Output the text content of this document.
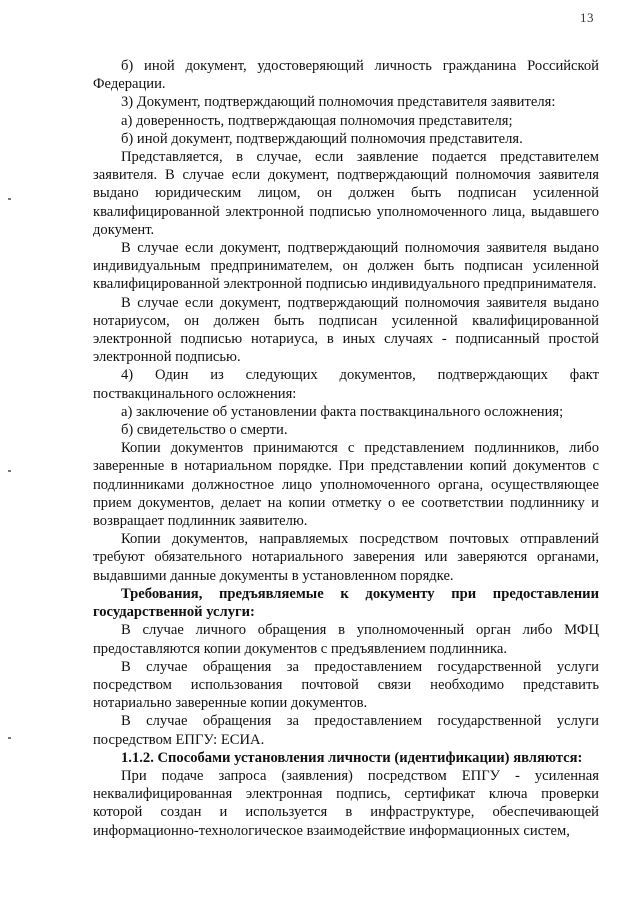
13

б) иной документ, удостоверяющий личность гражданина Российской Федерации.

3) Документ, подтверждающий полномочия представителя заявителя:

а) доверенность, подтверждающая полномочия представителя;

б) иной документ, подтверждающий полномочия представителя.

Представляется, в случае, если заявление подается представителем заявителя. В случае если документ, подтверждающий полномочия заявителя выдано юридическим лицом, он должен быть подписан усиленной квалифицированной электронной подписью уполномоченного лица, выдавшего документ.

В случае если документ, подтверждающий полномочия заявителя выдано индивидуальным предпринимателем, он должен быть подписан усиленной квалифицированной электронной подписью индивидуального предпринимателя.

В случае если документ, подтверждающий полномочия заявителя выдано нотариусом, он должен быть подписан усиленной квалифицированной электронной подписью нотариуса, в иных случаях - подписанный простой электронной подписью.

4) Один из следующих документов, подтверждающих факт поствакцинального осложнения:

а) заключение об установлении факта поствакцинального осложнения;

б) свидетельство о смерти.

Копии документов принимаются с представлением подлинников, либо заверенные в нотариальном порядке. При представлении копий документов с подлинниками должностное лицо уполномоченного органа, осуществляющее прием документов, делает на копии отметку о ее соответствии подлиннику и возвращает подлинник заявителю.

Копии документов, направляемых посредством почтовых отправлений требуют обязательного нотариального заверения или заверяются органами, выдавшими данные документы в установленном порядке.

Требования, предъявляемые к документу при предоставлении государственной услуги:

В случае личного обращения в уполномоченный орган либо МФЦ предоставляются копии документов с предъявлением подлинника.

В случае обращения за предоставлением государственной услуги посредством использования почтовой связи необходимо представить нотариально заверенные копии документов.

В случае обращения за предоставлением государственной услуги посредством ЕПГУ: ЕСИА.

1.1.2. Способами установления личности (идентификации) являются:

При подаче запроса (заявления) посредством ЕПГУ - усиленная неквалифицированная электронная подпись, сертификат ключа проверки которой создан и используется в инфраструктуре, обеспечивающей информационно-технологическое взаимодействие информационных систем,
